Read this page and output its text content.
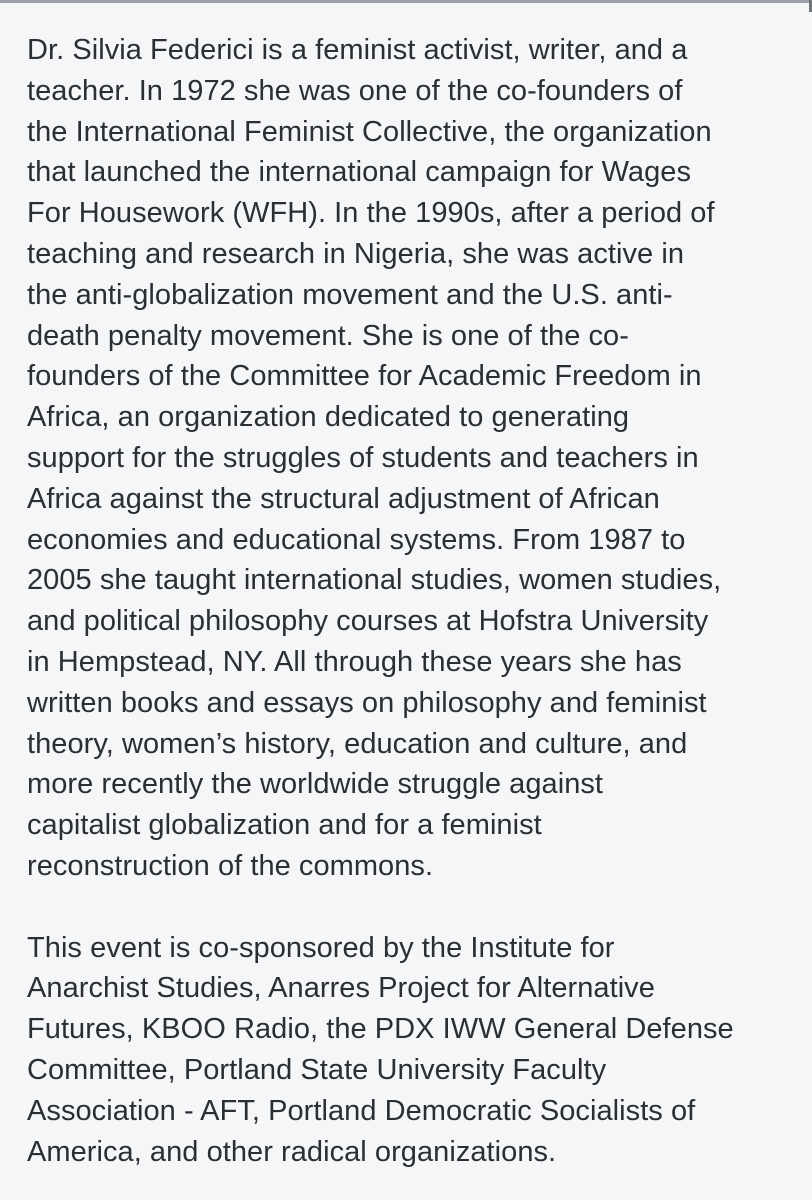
Dr. Silvia Federici is a feminist activist, writer, and a
teacher. In 1972 she was one of the co-founders of
the International Feminist Collective, the organization
that launched the international campaign for Wages
For Housework (WFH). In the 1990s, after a period of
teaching and research in Nigeria, she was active in
the anti-globalization movement and the U.S. anti-
death penalty movement. She is one of the co-
founders of the Committee for Academic Freedom in
Africa, an organization dedicated to generating
support for the struggles of students and teachers in
Africa against the structural adjustment of African
economies and educational systems. From 1987 to
2005 she taught international studies, women studies,
and political philosophy courses at Hofstra University
in Hempstead, NY. All through these years she has
written books and essays on philosophy and feminist
theory, women’s history, education and culture, and
more recently the worldwide struggle against
capitalist globalization and for a feminist
reconstruction of the commons.

This event is co-sponsored by the Institute for
Anarchist Studies, Anarres Project for Alternative
Futures, KBOO Radio, the PDX IWW General Defense
Committee, Portland State University Faculty
Association - AFT, Portland Democratic Socialists of
America, and other radical organizations.
